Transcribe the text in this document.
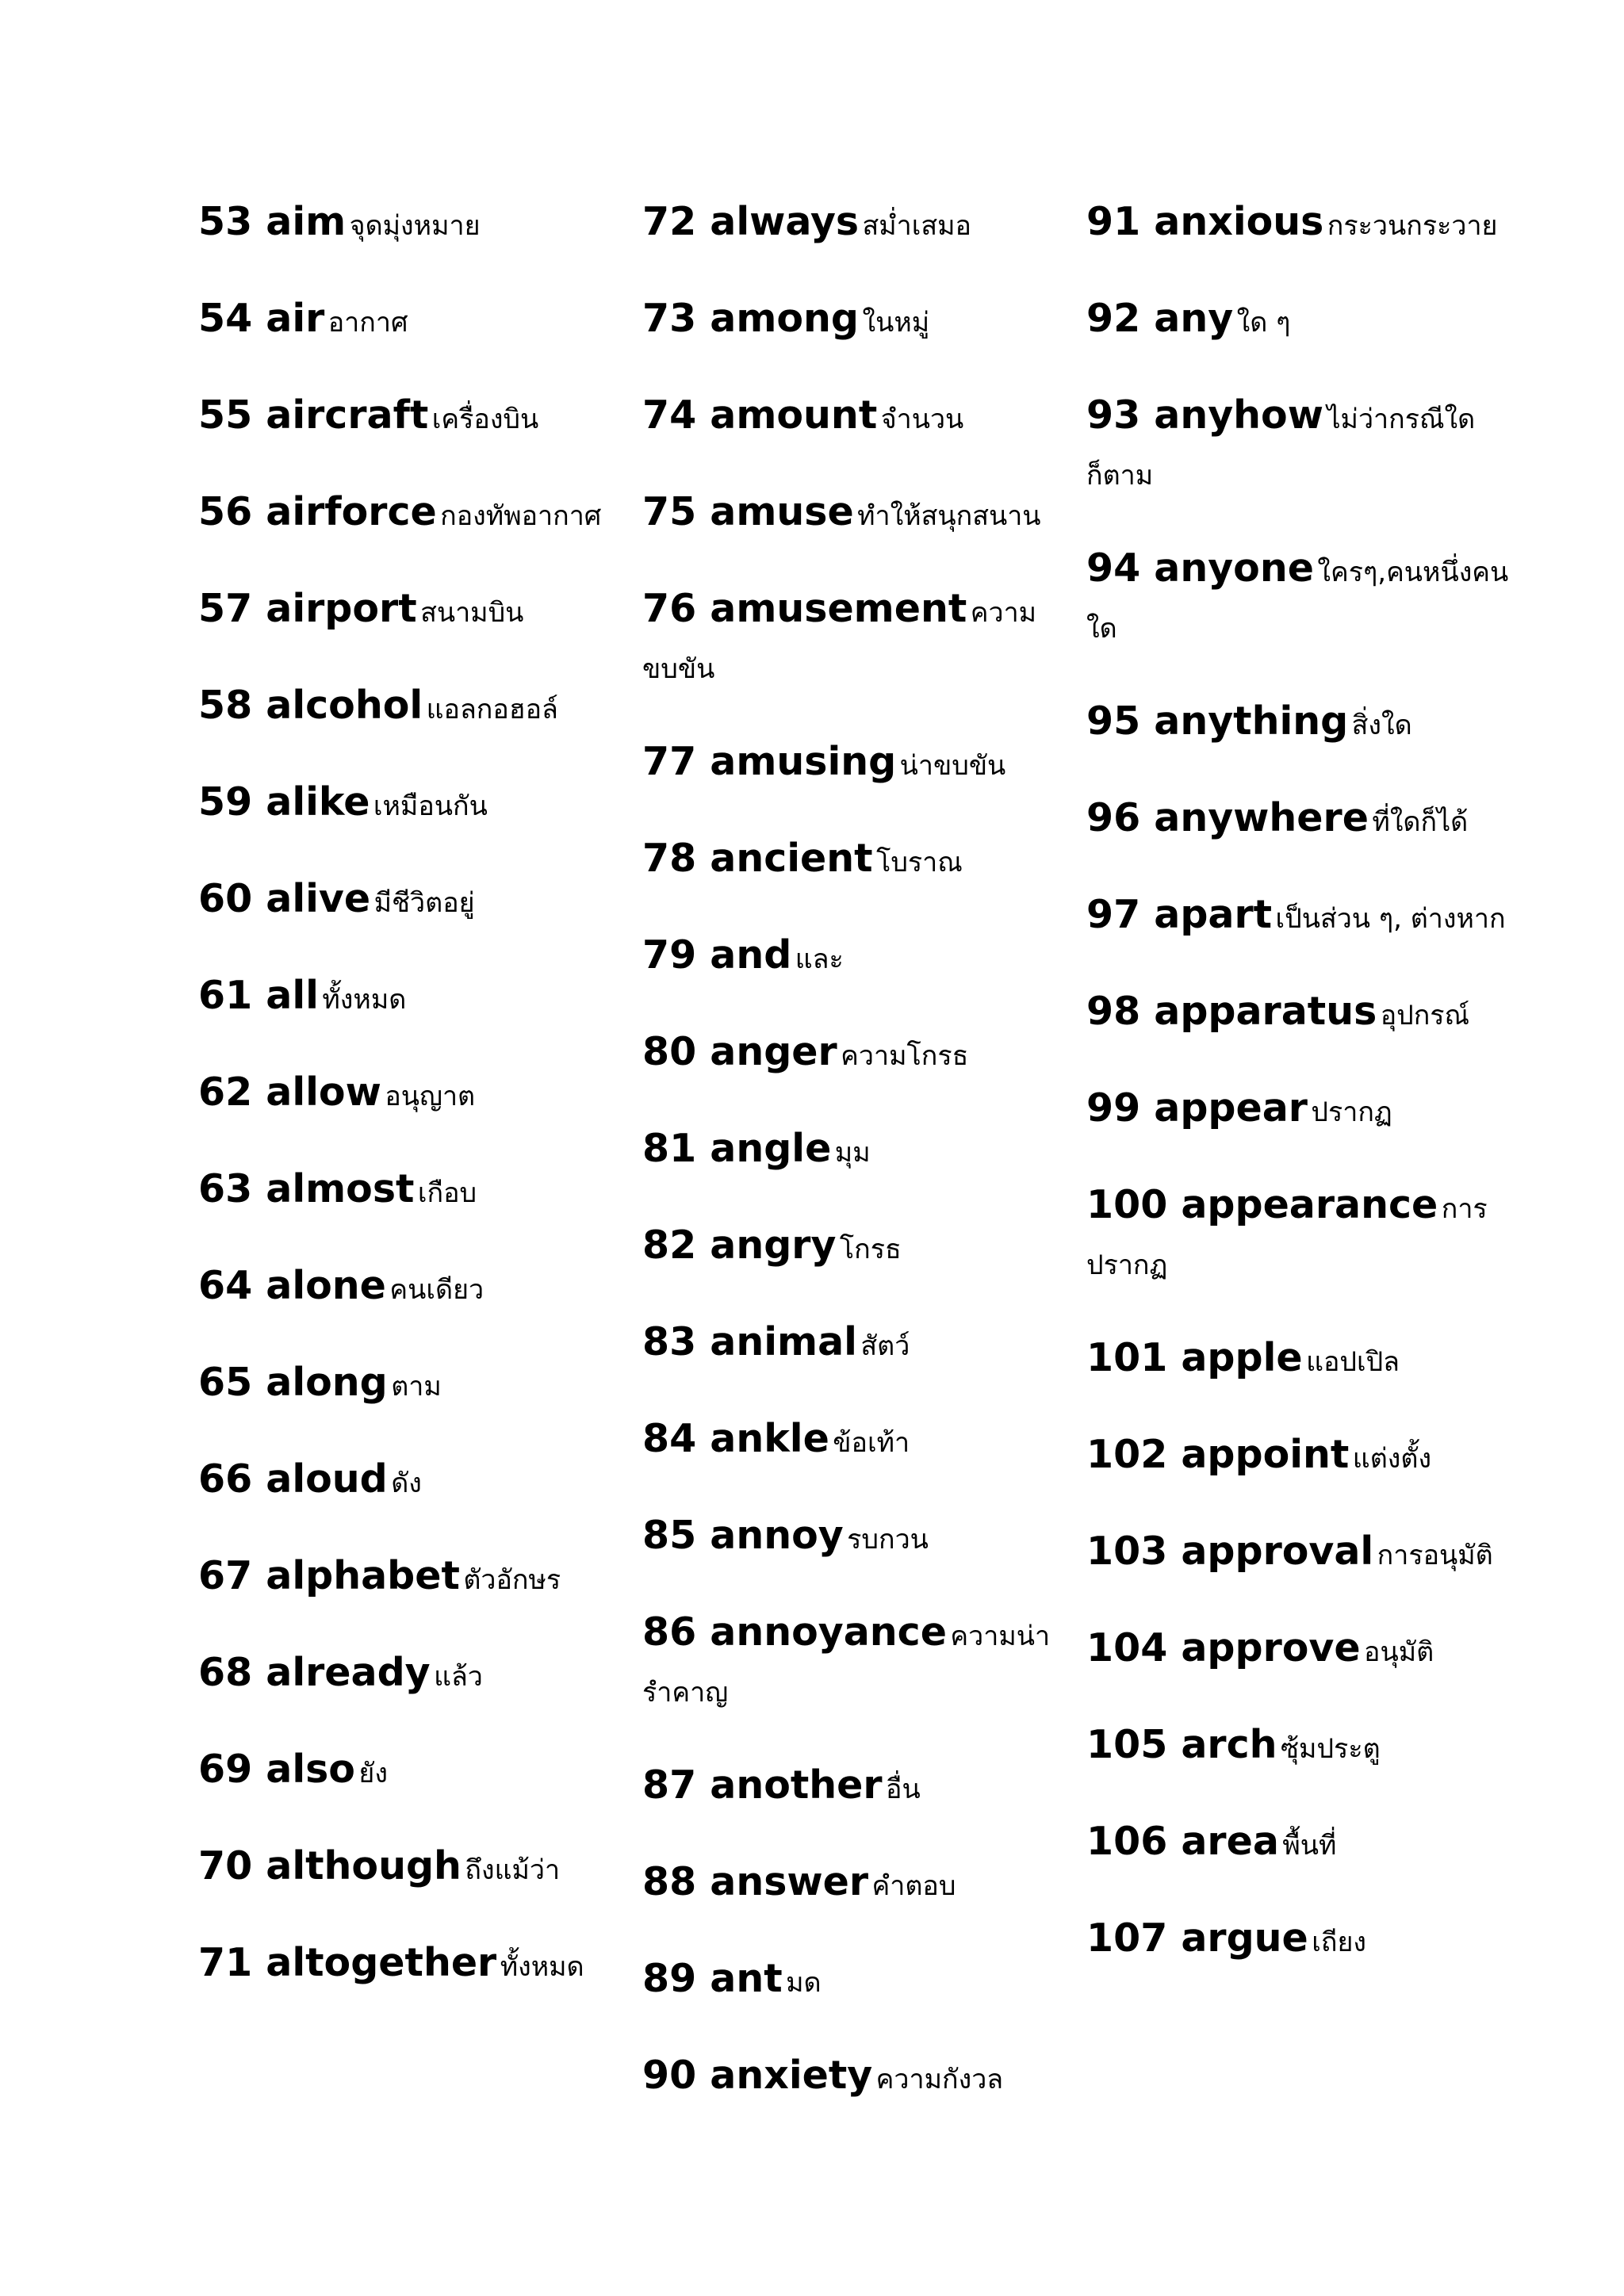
53 aim จุดมุ่งหมาย
54 air อากาศ
55 aircraft เครื่องบิน
56 airforce กองทัพอากาศ
57 airport สนามบิน
58 alcohol แอลกอฮอล์
59 alike เหมือนกัน
60 alive มีชีวิตอยู่
61 all ทั้งหมด
62 allow อนุญาต
63 almost เกือบ
64 alone คนเดียว
65 along ตาม
66 aloud ดัง
67 alphabet ตัวอักษร
68 already แล้ว
69 also ยัง
70 although ถึงแม้ว่า
71 altogether ทั้งหมด
72 always สม่ำเสมอ
73 among ในหมู่
74 amount จำนวน
75 amuse ทำให้สนุกสนาน
76 amusement ความขบขัน
77 amusing น่าขบขัน
78 ancient โบราณ
79 and และ
80 anger ความโกรธ
81 angle มุม
82 angry โกรธ
83 animal สัตว์
84 ankle ข้อเท้า
85 annoy รบกวน
86 annoyance ความน่ารำคาญ
87 another อื่น
88 answer คำตอบ
89 ant มด
90 anxiety ความกังวล
91 anxious กระวนกระวาย
92 any ใด ๆ
93 anyhow ไม่ว่ากรณีใดก็ตาม
94 anyone ใครๆ,คนหนึ่งคนใด
95 anything สิ่งใด
96 anywhere ที่ใดก็ได้
97 apart เป็นส่วน ๆ, ต่างหาก
98 apparatus อุปกรณ์
99 appear ปรากฏ
100 appearance การปรากฏ
101 apple แอปเปิล
102 appoint แต่งตั้ง
103 approval การอนุมัติ
104 approve อนุมัติ
105 arch ซุ้มประตู
106 area พื้นที่
107 argue เถียง
